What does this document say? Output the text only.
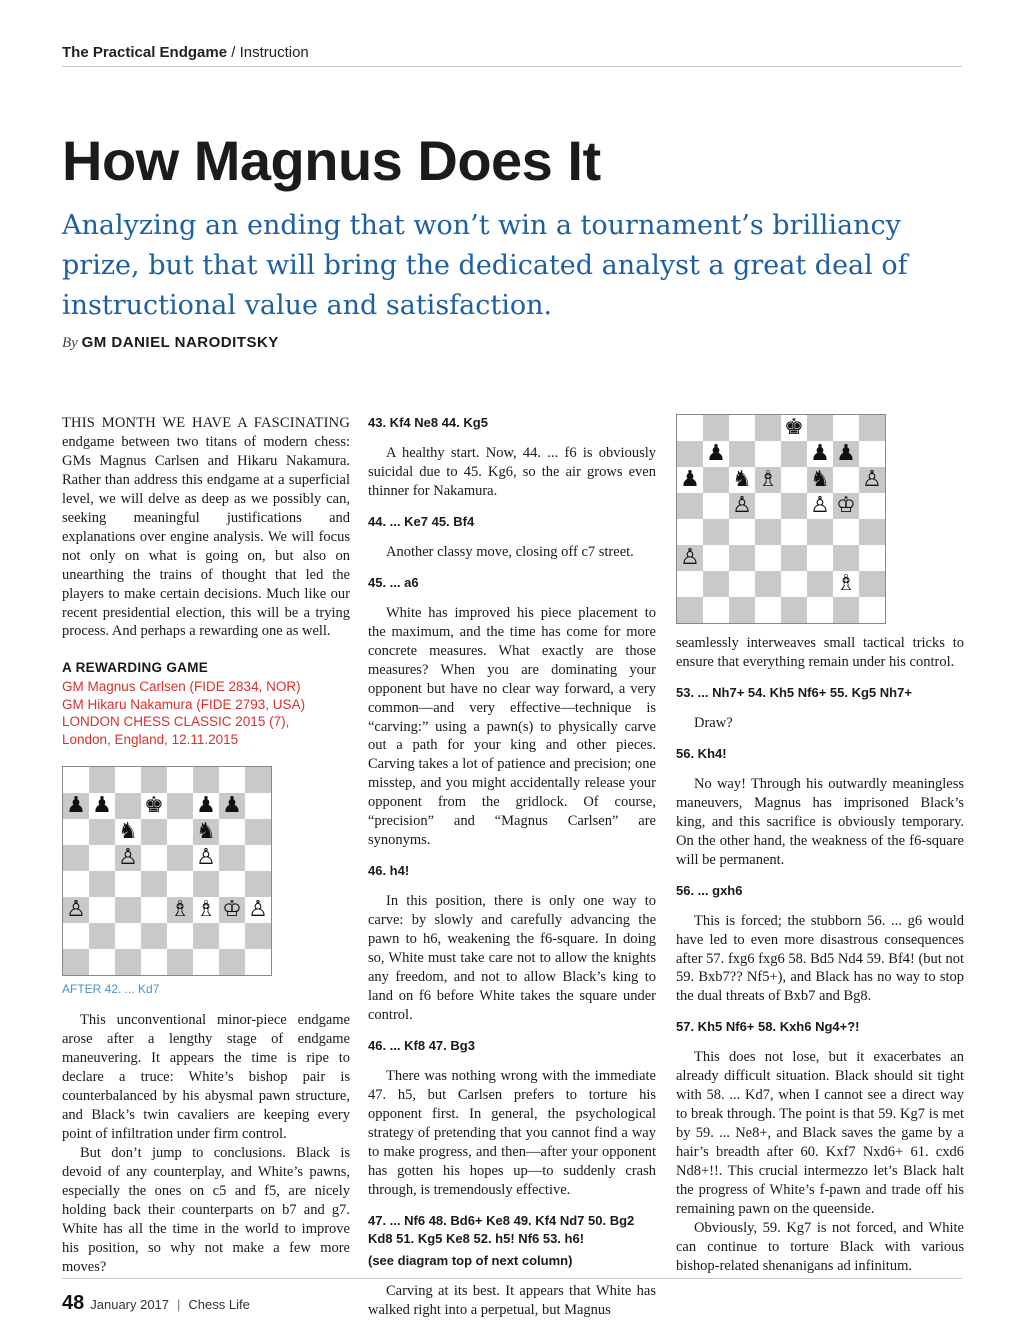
The Practical Endgame / Instruction
How Magnus Does It

Analyzing an ending that won’t win a tournament’s brilliancy prize, but that will bring the dedicated analyst a great deal of instructional value and satisfaction.

By GM DANIEL NARODITSKY

THIS MONTH WE HAVE A FASCINATING endgame between two titans of modern chess: GMs Magnus Carlsen and Hikaru Nakamura. Rather than address this endgame at a superficial level, we will delve as deep as we possibly can, seeking meaningful justifications and explanations over engine analysis. We will focus not only on what is going on, but also on unearthing the trains of thought that led the players to make certain decisions. Much like our recent presidential election, this will be a trying process. And perhaps a rewarding one as well.

A REWARDING GAME
GM Magnus Carlsen (FIDE 2834, NOR)
GM Hikaru Nakamura (FIDE 2793, USA)
LONDON CHESS CLASSIC 2015 (7),
London, England, 12.11.2015
♟ ♟ ♚ ♟ ♟
♞	♞
♙	♙
♙	♗ ♗ ♔ ♙
AFTER 42. ... Kd7

This unconventional minor-piece endgame arose after a lengthy stage of endgame maneuvering. It appears the time is ripe to declare a truce: White’s bishop pair is counterbalanced by his abysmal pawn structure, and Black’s twin cavaliers are keeping every point of infiltration under firm control.

But don’t jump to conclusions. Black is devoid of any counterplay, and White’s pawns, especially the ones on c5 and f5, are nicely holding back their counterparts on b7 and g7. White has all the time in the world to improve his position, so why not make a few more moves?

43. Kf4 Ne8 44. Kg5

A healthy start. Now, 44. ... f6 is obviously suicidal due to 45. Kg6, so the air grows even thinner for Nakamura.

44. ... Ke7 45. Bf4

Another classy move, closing off c7 street.

45. ... a6

White has improved his piece placement to the maximum, and the time has come for more concrete measures. What exactly are those measures? When you are dominating your opponent but have no clear way forward, a very common—and very effective—technique is “carving:” using a pawn(s) to physically carve out a path for your king and other pieces. Carving takes a lot of patience and precision; one misstep, and you might accidentally release your opponent from the gridlock. Of course, “precision” and “Magnus Carlsen” are synonyms.

46. h4!

In this position, there is only one way to carve: by slowly and carefully advancing the pawn to h6, weakening the f6-square. In doing so, White must take care not to allow the knights any freedom, and not to allow Black’s king to land on f6 before White takes the square under control.

46. ... Kf8 47. Bg3

There was nothing wrong with the immediate 47. h5, but Carlsen prefers to torture his opponent first. In general, the psychological strategy of pretending that you cannot find a way to make progress, and then—after your opponent has gotten his hopes up—to suddenly crash through, is tremendously effective.

47. ... Nf6 48. Bd6+ Ke8 49. Kf4 Nd7 50. Bg2 Kd8 51. Kg5 Ke8 52. h5! Nf6 53. h6!
(see diagram top of next column)

Carving at its best. It appears that White has walked right into a perpetual, but Magnus

♚
♟	♟ ♟
♟ ♞ ♗ ♞ ♙
♙	♙ ♔
♙
♗

seamlessly interweaves small tactical tricks to ensure that everything remain under his control.

53. ... Nh7+ 54. Kh5 Nf6+ 55. Kg5 Nh7+

Draw?

56. Kh4!

No way! Through his outwardly meaningless maneuvers, Magnus has imprisoned Black’s king, and this sacrifice is obviously temporary. On the other hand, the weakness of the f6-square will be permanent.

56. ... gxh6

This is forced; the stubborn 56. ... g6 would have led to even more disastrous consequences after 57. fxg6 fxg6 58. Bd5 Nd4 59. Bf4! (but not 59. Bxb7?? Nf5+), and Black has no way to stop the dual threats of Bxb7 and Bg8.

57. Kh5 Nf6+ 58. Kxh6 Ng4+?!

This does not lose, but it exacerbates an already difficult situation. Black should sit tight with 58. ... Kd7, when I cannot see a direct way to break through. The point is that 59. Kg7 is met by 59. ... Ne8+, and Black saves the game by a hair’s breadth after 60. Kxf7 Nxd6+ 61. cxd6 Nd8+!!. This crucial intermezzo let’s Black halt the progress of White’s f-pawn and trade off his remaining pawn on the queenside.

Obviously, 59. Kg7 is not forced, and White can continue to torture Black with various bishop-related shenanigans ad infinitum.

48 January 2017 | Chess Life
